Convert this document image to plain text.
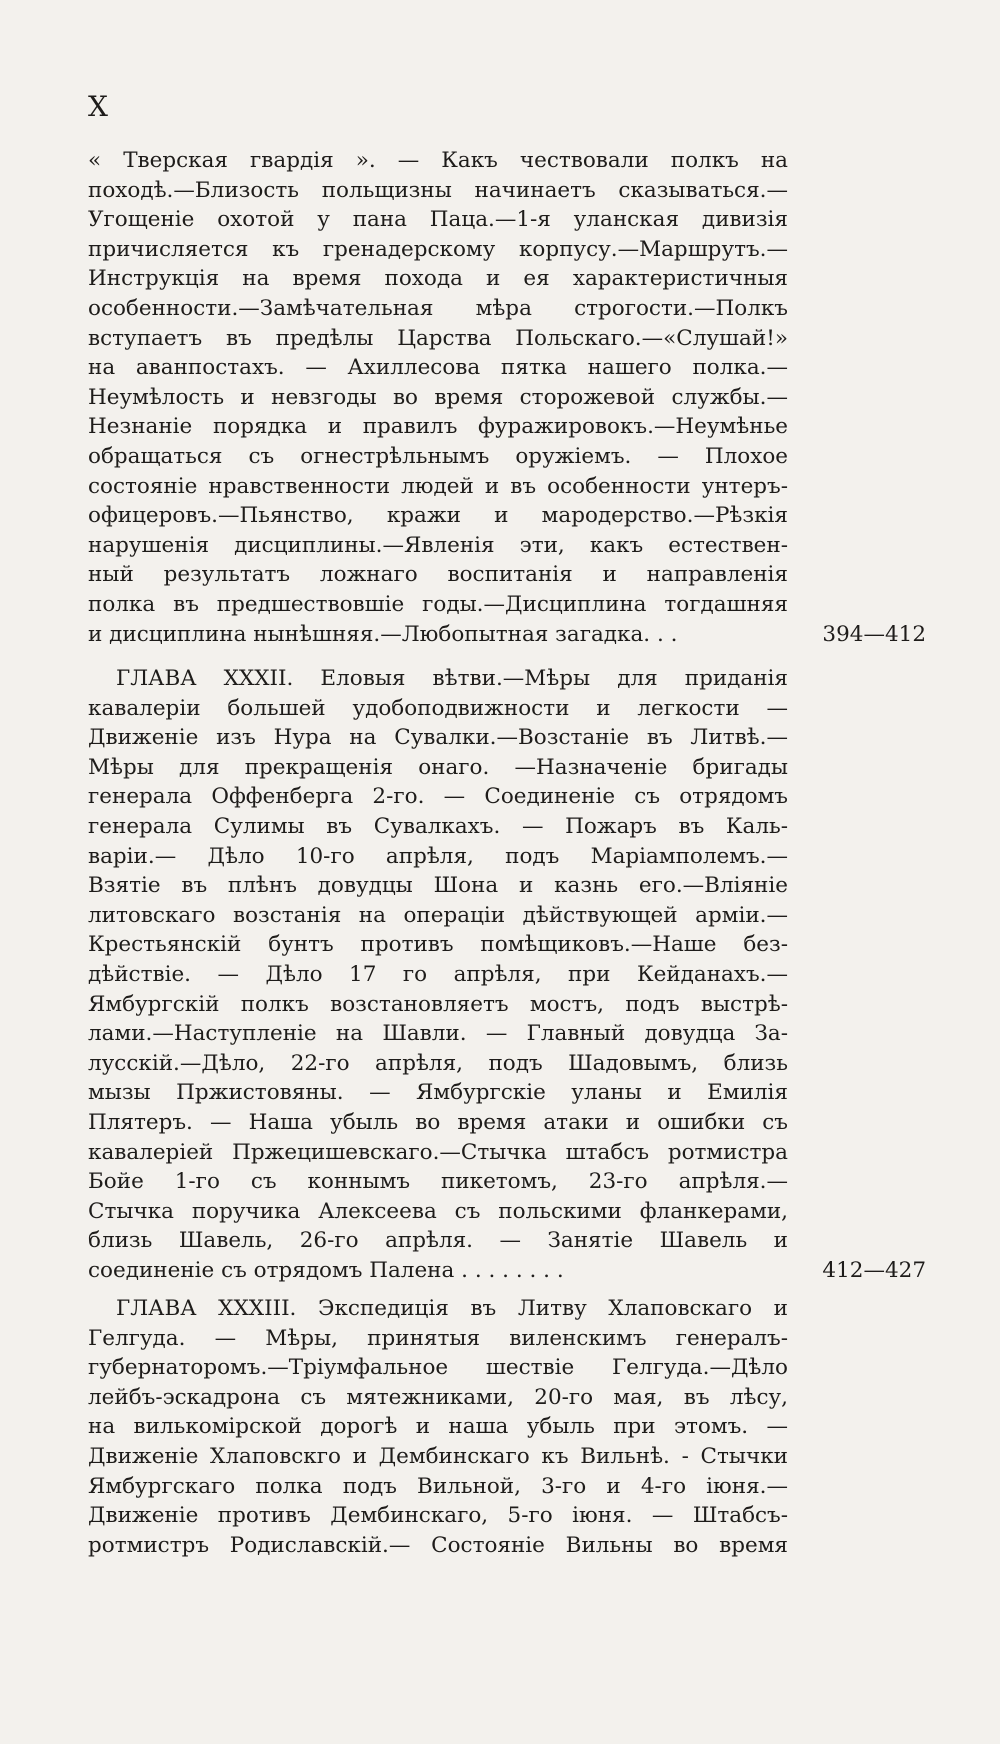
X
« Тверская гвардія ». — Какъ чествовали полкъ на
походѣ.—Близость польщизны начинаетъ сказываться.—
Угощеніе охотой у пана Паца.—1-я уланская дивизія
причисляется къ гренадерскому корпусу.—Маршрутъ.—
Инструкція на время похода и ея характеристичныя
особенности.—Замѣчательная мѣра строгости.—Полкъ
вступаетъ въ предѣлы Царства Польскаго.—«Слушай!»
на аванпостахъ. — Ахиллесова пятка нашего полка.—
Неумѣлость и невзгоды во время сторожевой службы.—
Незнаніе порядка и правилъ фуражировокъ.—Неумѣнье
обращаться съ огнестрѣльнымъ оружіемъ. — Плохое
состояніе нравственности людей и въ особенности унтеръ-
офицеровъ.—Пьянство, кражи и мародерство.—Рѣзкія
нарушенія дисциплины.—Явленія эти, какъ естествен-
ный результатъ ложнаго воспитанія и направленія
полка въ предшествовшіе годы.—Дисциплина тогдашняя
и дисциплина нынѣшняя.—Любопытная загадка. . .	394—412
ГЛАВА XXXII. Еловыя вѣтви.—Мѣры для приданія
кавалеріи большей удобоподвижности и легкости —
Движеніе изъ Нура на Сувалки.—Возстаніе въ Литвѣ.—
Мѣры для прекращенія онаго. —Назначеніе бригады
генерала Оффенберга 2-го. — Соединеніе съ отрядомъ
генерала Сулимы въ Сувалкахъ. — Пожаръ въ Каль-
варіи.— Дѣло 10-го апрѣля, подъ Маріамполемъ.—
Взятіе въ плѣнъ довудцы Шона и казнь его.—Вліяніе
литовскаго возстанія на операціи дѣйствующей арміи.—
Крестьянскій бунтъ противъ помѣщиковъ.—Наше без-
дѣйствіе. — Дѣло 17 го апрѣля, при Кейданахъ.—
Ямбургскій полкъ возстановляетъ мостъ, подъ выстрѣ-
лами.—Наступленіе на Шавли. — Главный довудца За-
лусскій.—Дѣло, 22-го апрѣля, подъ Шадовымъ, близь
мызы Пржистовяны. — Ямбургскіе уланы и Емилія
Плятеръ. — Наша убыль во время атаки и ошибки съ
кавалеріей Пржецишевскаго.—Стычка штабсъ ротмистра
Бойе 1-го съ коннымъ пикетомъ, 23-го апрѣля.—
Стычка поручика Алексеева съ польскими фланкерами,
близь Шавель, 26-го апрѣля. — Занятіе Шавель и
соединеніе съ отрядомъ Палена . . . . . . . .	412—427
ГЛАВА XXXIII. Экспедиція въ Литву Хлаповскаго и
Гелгуда. — Мѣры, принятыя виленскимъ генералъ-
губернаторомъ.—Тріумфальное шествіе Гелгуда.—Дѣло
лейбъ-эскадрона съ мятежниками, 20-го мая, въ лѣсу,
на вилькомірской дорогѣ и наша убыль при этомъ. —
Движеніе Хлаповскго и Дембинскаго къ Вильнѣ. - Стычки
Ямбургскаго полка подъ Вильной, 3-го и 4-го іюня.—
Движеніе противъ Дембинскаго, 5-го іюня. — Штабсъ-
ротмистръ Родиславскій.— Состояніе Вильны во время
